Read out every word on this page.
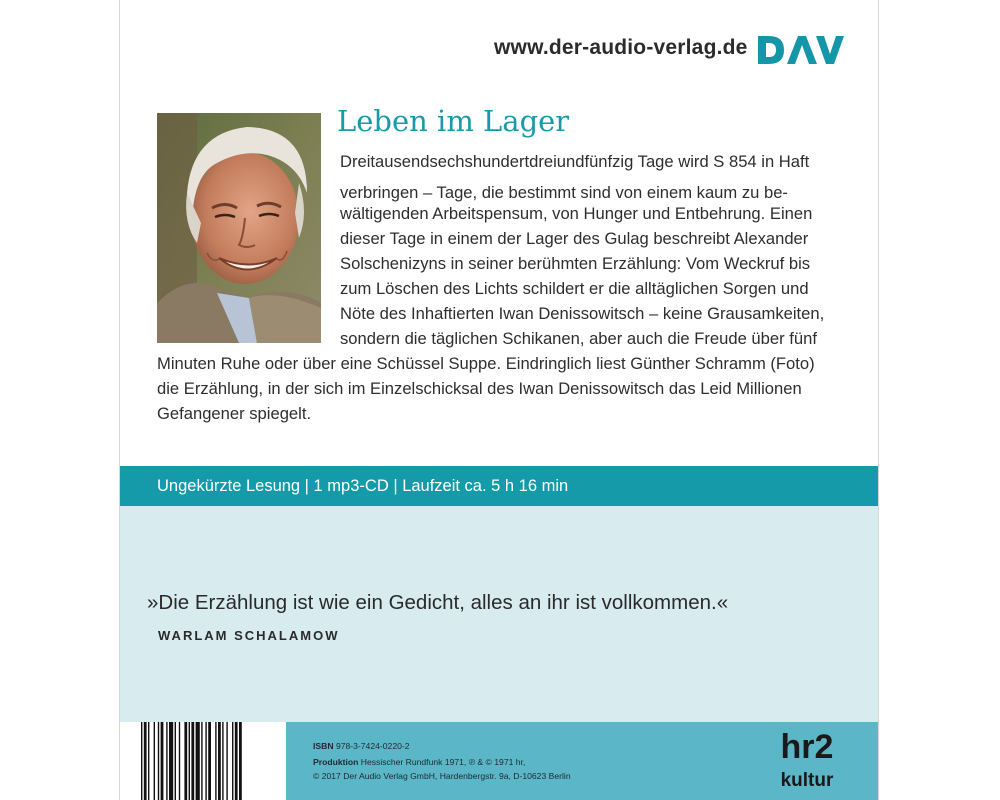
www.der-audio-verlag.de
DAV
Leben im Lager
Dreitausendsechshundertdreiundfünfzig Tage wird S 854 in Haft
verbringen – Tage, die bestimmt sind von einem kaum zu be-
wältigenden Arbeitspensum, von Hunger und Entbehrung. Einen
dieser Tage in einem der Lager des Gulag beschreibt Alexander
Solschenizyns in seiner berühmten Erzählung: Vom Weckruf bis
zum Löschen des Lichts schildert er die alltäglichen Sorgen und
Nöte des Inhaftierten Iwan Denissowitsch – keine Grausamkeiten,
sondern die täglichen Schikanen, aber auch die Freude über fünf
Minuten Ruhe oder über eine Schüssel Suppe. Eindringlich liest Günther Schramm (Foto)
die Erzählung, in der sich im Einzelschicksal des Iwan Denissowitsch das Leid Millionen
Gefangener spiegelt.
Ungekürzte Lesung | 1 mp3-CD | Laufzeit ca. 5 h 16 min
»Die Erzählung ist wie ein Gedicht, alles an ihr ist vollkommen.«
WARLAM SCHALAMOW
ISBN 978-3-7424-0220-2
Produktion Hessischer Rundfunk 1971, ℗ & © 1971 hr,
© 2017 Der Audio Verlag GmbH, Hardenbergstr. 9a, D-10623 Berlin
hr2
kultur
